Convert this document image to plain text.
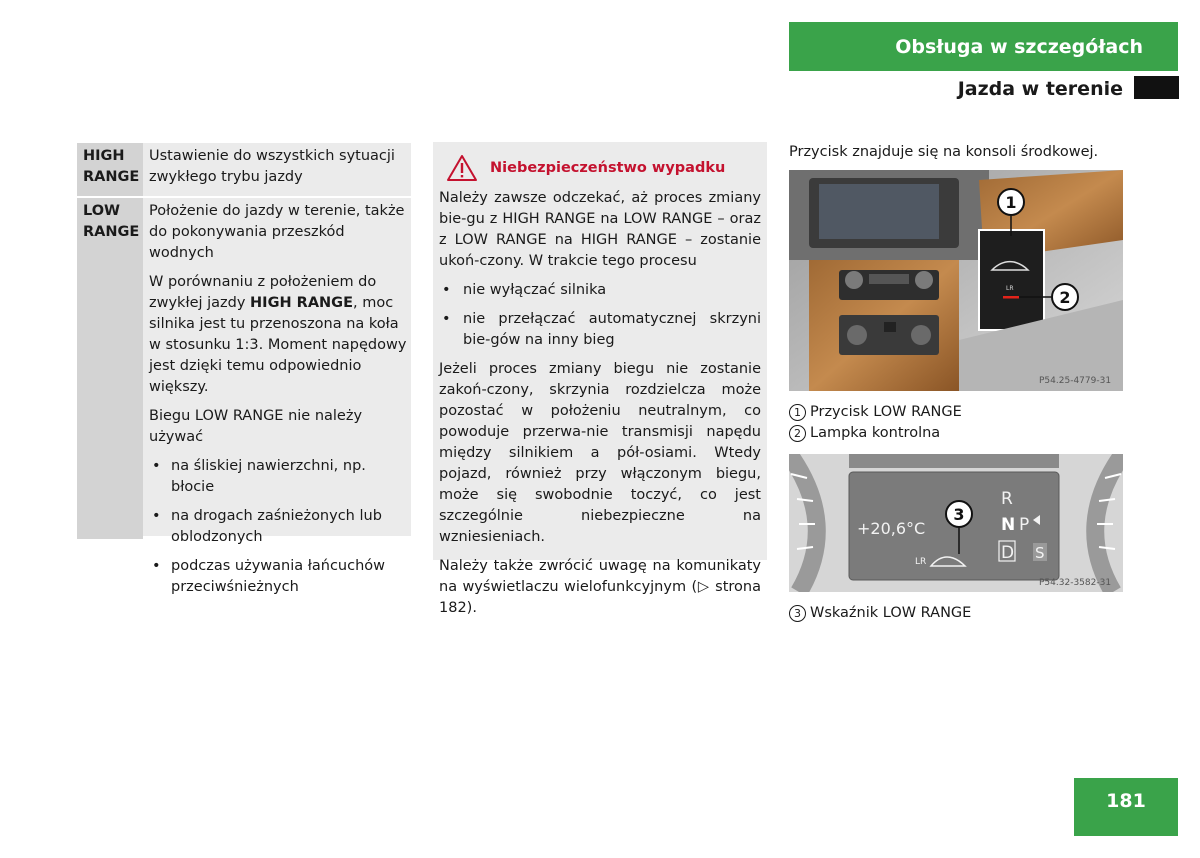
Obsługa w szczegółach
Jazda w terenie
HIGH
RANGE

Ustawienie do wszystkich sytuacji zwykłego trybu jazdy

LOW
RANGE

Położenie do jazdy w terenie, także do pokonywania przeszkód wodnych

W porównaniu z położeniem do zwykłej jazdy HIGH RANGE, moc silnika jest tu przenoszona na koła w stosunku 1:3. Moment napędowy jest dzięki temu odpowiednio większy.

Biegu LOW RANGE nie należy używać

• na śliskiej nawierzchni, np. błocie
• na drogach zaśnieżonych lub oblodzonych
• podczas używania łańcuchów przeciwśnieżnych
Niebezpieczeństwo wypadku

Należy zawsze odczekać, aż proces zmiany bie-gu z HIGH RANGE na LOW RANGE – oraz z LOW RANGE na HIGH RANGE – zostanie ukoń-czony. W trakcie tego procesu

• nie wyłączać silnika
• nie przełączać automatycznej skrzyni bie-gów na inny bieg

Jeżeli proces zmiany biegu nie zostanie zakoń-czony, skrzynia rozdzielcza może pozostać w położeniu neutralnym, co powoduje przerwa-nie transmisji napędu między silnikiem a pół-osiami. Wtedy pojazd, również przy włączonym biegu, może się swobodnie toczyć, co jest szczególnie niebezpieczne na wzniesieniach.

Należy także zwrócić uwagę na komunikaty na wyświetlaczu wielofunkcyjnym (▷ strona 182).

Przycisk znajduje się na konsoli środkowej.
LR
1
2
P54.25-4779-31
1 Przycisk LOW RANGE
2 Lampka kontrolna
+20,6°C
LR
R
N P
D S
3
P54.32-3582-31
3 Wskaźnik LOW RANGE
181
